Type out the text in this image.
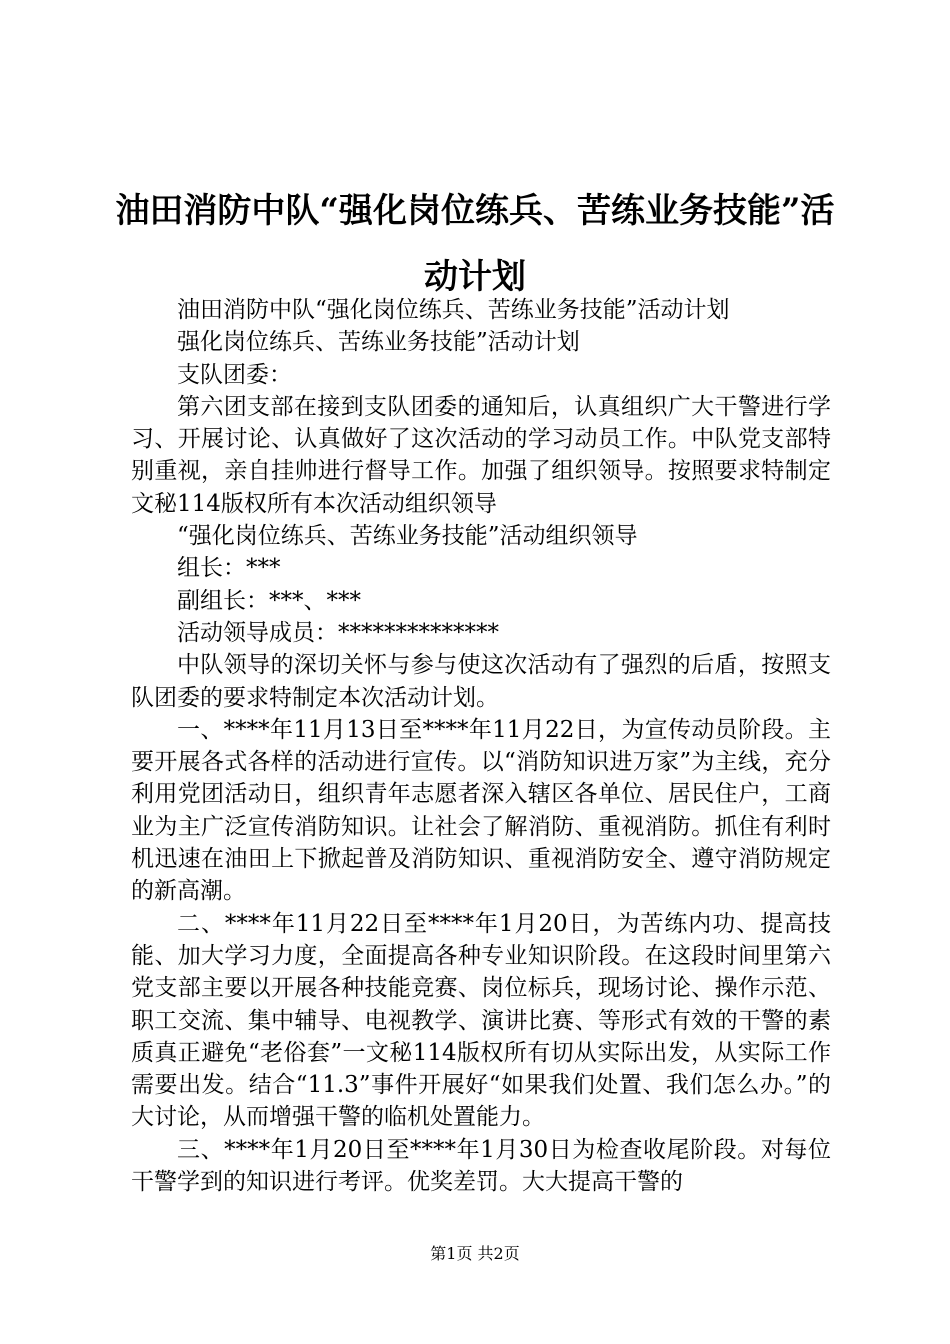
油田消防中队“强化岗位练兵、苦练业务技能”活动计划

油田消防中队“强化岗位练兵、苦练业务技能”活动计划

强化岗位练兵、苦练业务技能”活动计划

支队团委：

第六团支部在接到支队团委的通知后，认真组织广大干警进行学习、开展讨论、认真做好了这次活动的学习动员工作。中队党支部特别重视，亲自挂帅进行督导工作。加强了组织领导。按照要求特制定文秘114版权所有本次活动组织领导

“强化岗位练兵、苦练业务技能”活动组织领导

组长：***

副组长：***、***

活动领导成员：**************

中队领导的深切关怀与参与使这次活动有了强烈的后盾，按照支队团委的要求特制定本次活动计划。

一、****年11月13日至****年11月22日，为宣传动员阶段。主要开展各式各样的活动进行宣传。以“消防知识进万家”为主线，充分利用党团活动日，组织青年志愿者深入辖区各单位、居民住户，工商业为主广泛宣传消防知识。让社会了解消防、重视消防。抓住有利时机迅速在油田上下掀起普及消防知识、重视消防安全、遵守消防规定的新高潮。

二、****年11月22日至****年1月20日，为苦练内功、提高技能、加大学习力度，全面提高各种专业知识阶段。在这段时间里第六党支部主要以开展各种技能竞赛、岗位标兵，现场讨论、操作示范、职工交流、集中辅导、电视教学、演讲比赛、等形式有效的干警的素质真正避免“老俗套”一文秘114版权所有切从实际出发，从实际工作需要出发。结合“11.3”事件开展好“如果我们处置、我们怎么办。”的大讨论，从而增强干警的临机处置能力。

三、****年1月20日至****年1月30日为检查收尾阶段。对每位干警学到的知识进行考评。优奖差罚。大大提高干警的

第1页 共2页
